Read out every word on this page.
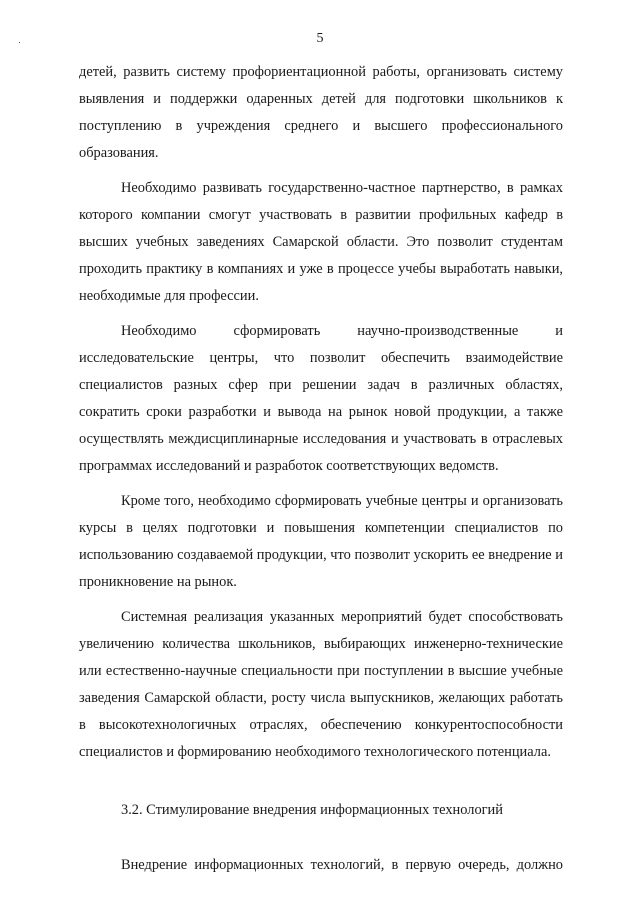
5

детей, развить систему профориентационной работы, организовать систему выявления и поддержки одаренных детей для подготовки школьников к поступлению в учреждения среднего и высшего профессионального образования.

Необходимо развивать государственно-частное партнерство, в рамках которого компании смогут участвовать в развитии профильных кафедр в высших учебных заведениях Самарской области. Это позволит студентам проходить практику в компаниях и уже в процессе учебы выработать навыки, необходимые для профессии.

Необходимо сформировать научно-производственные и исследовательские центры, что позволит обеспечить взаимодействие специалистов разных сфер при решении задач в различных областях, сократить сроки разработки и вывода на рынок новой продукции, а также осуществлять междисциплинарные исследования и участвовать в отраслевых программах исследований и разработок соответствующих ведомств.

Кроме того, необходимо сформировать учебные центры и организовать курсы в целях подготовки и повышения компетенции специалистов по использованию создаваемой продукции, что позволит ускорить ее внедрение и проникновение на рынок.

Системная реализация указанных мероприятий будет способствовать увеличению количества школьников, выбирающих инженерно-технические или естественно-научные специальности при поступлении в высшие учебные заведения Самарской области, росту числа выпускников, желающих работать в высокотехнологичных отраслях, обеспечению конкурентоспособности специалистов и формированию необходимого технологического потенциала.

3.2. Стимулирование внедрения информационных технологий

Внедрение информационных технологий, в первую очередь, должно
